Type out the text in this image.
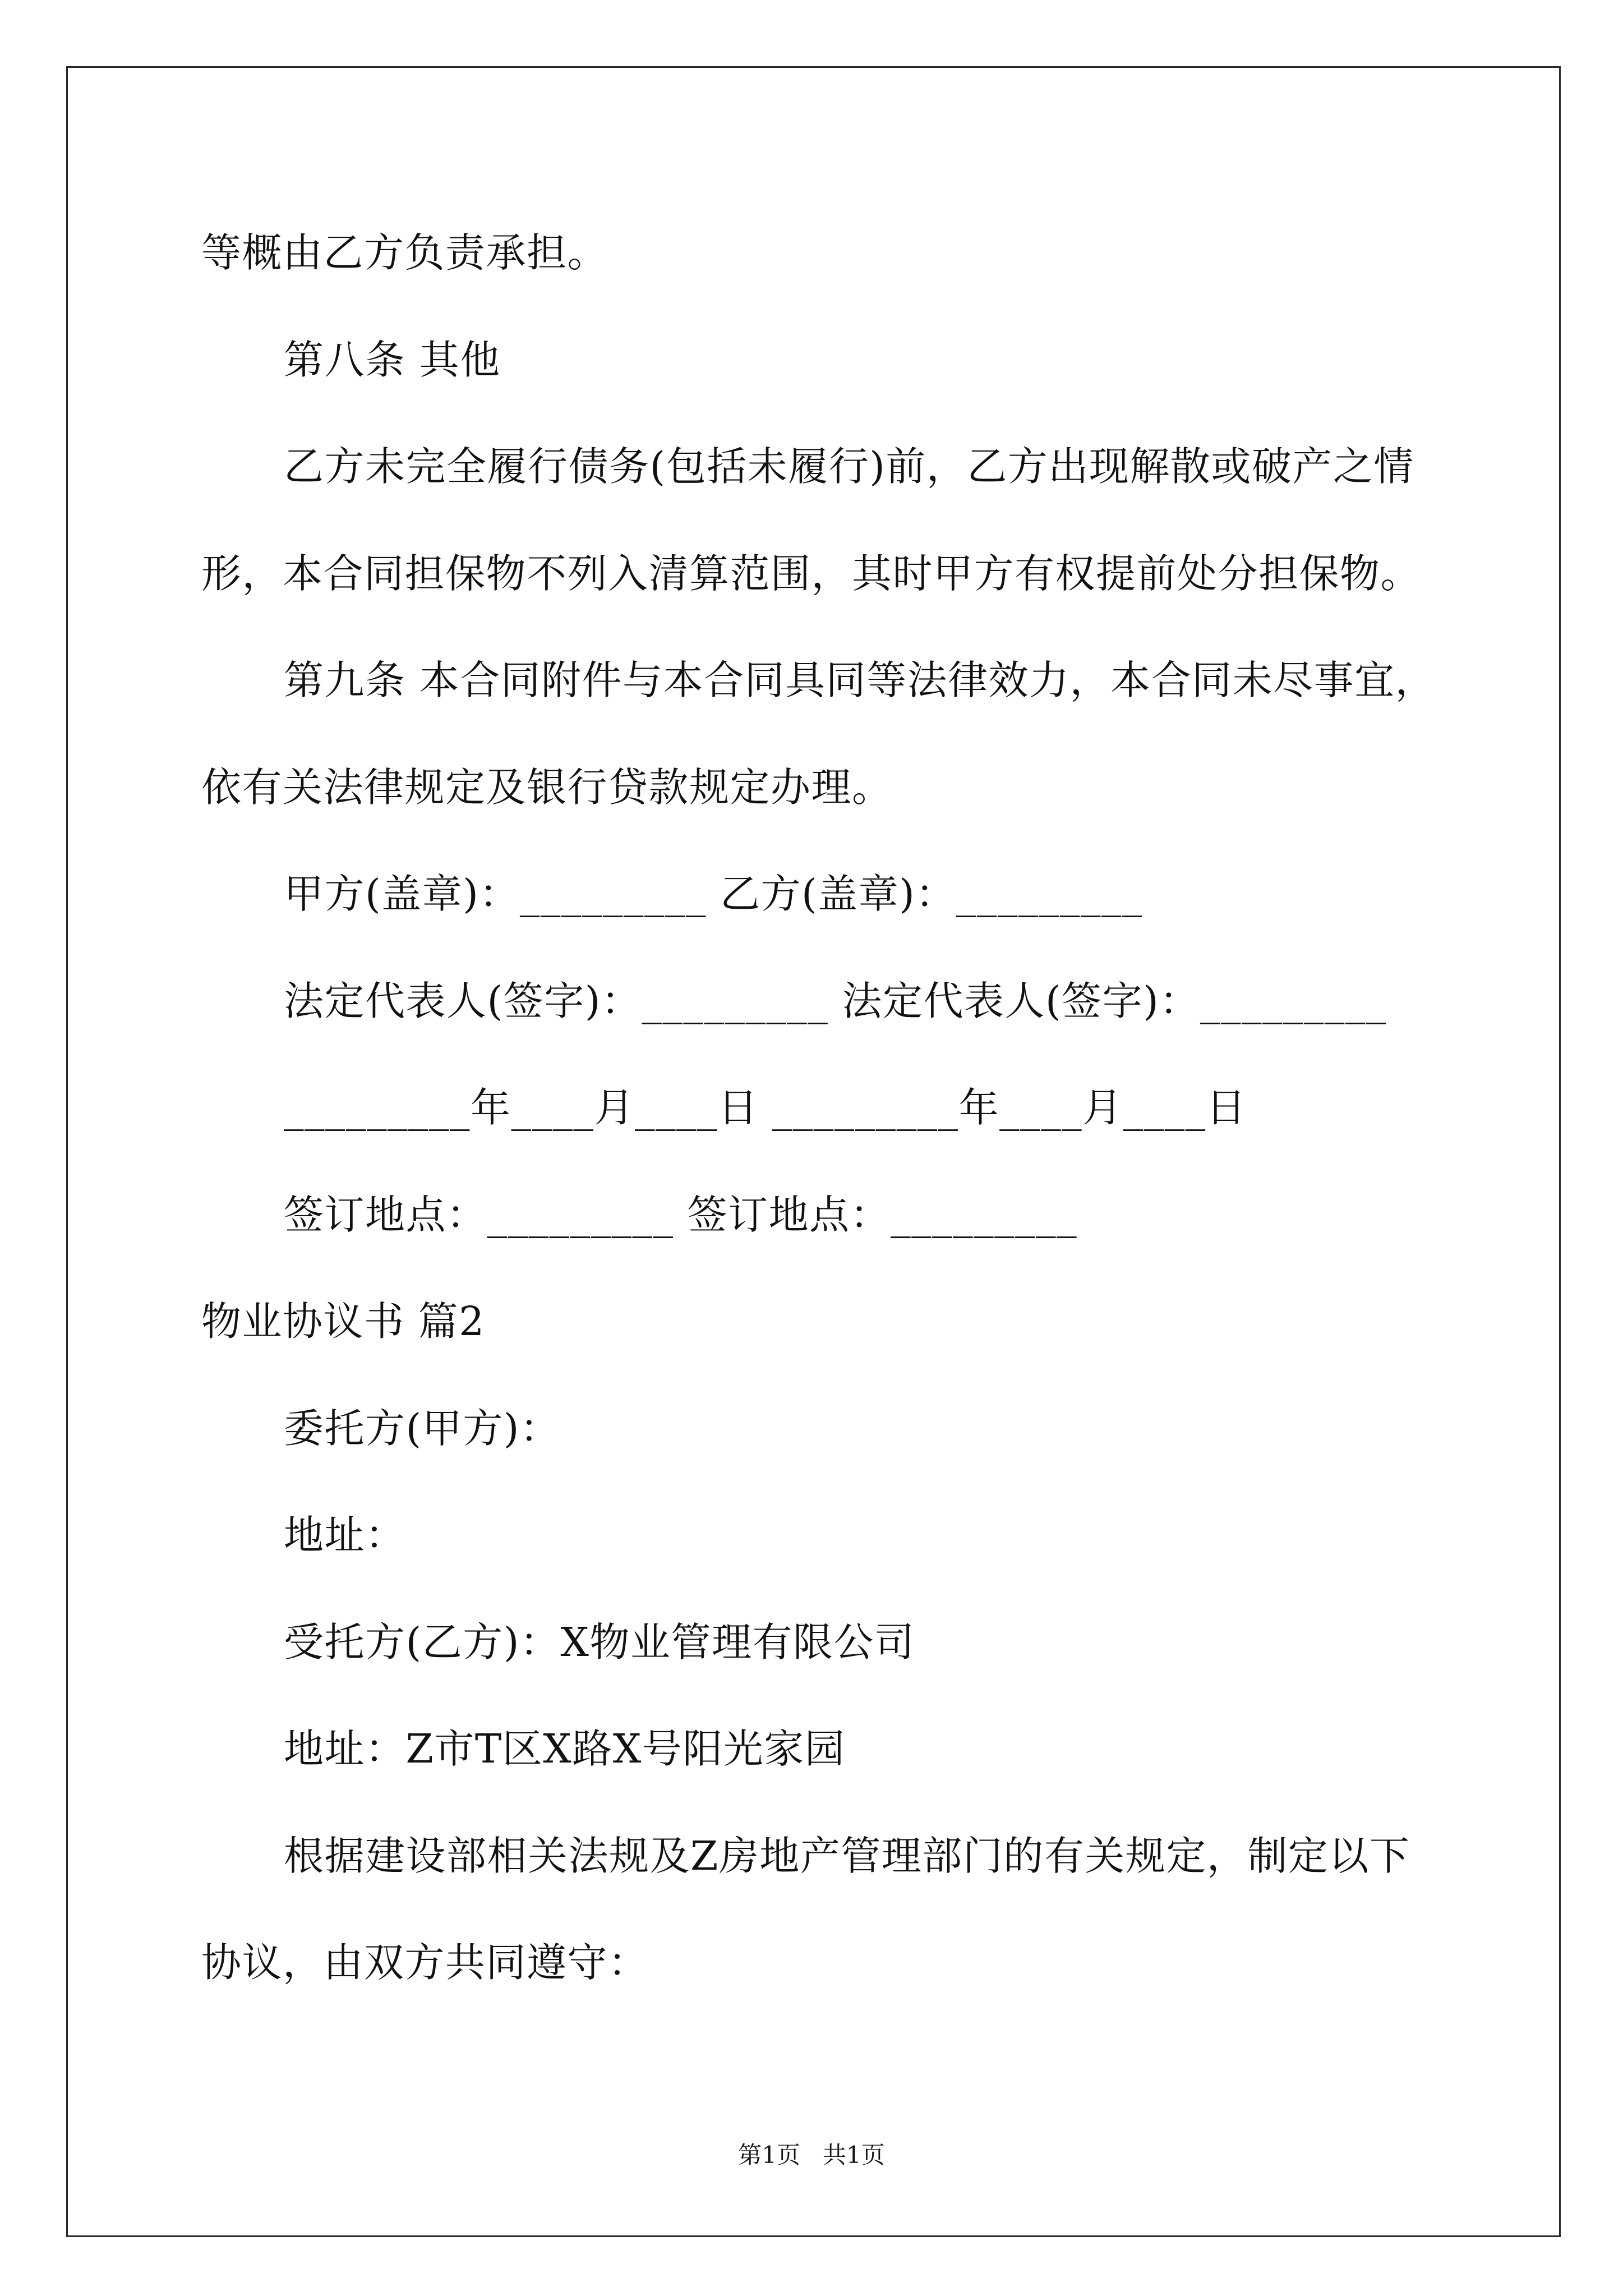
等概由乙方负责承担。

第八条 其他

乙方未完全履行债务(包括未履行)前，乙方出现解散或破产之情

形，本合同担保物不列入清算范围，其时甲方有权提前处分担保物。

第九条 本合同附件与本合同具同等法律效力，本合同未尽事宜，

依有关法律规定及银行贷款规定办理。

甲方(盖章)：_________ 乙方(盖章)：_________

法定代表人(签字)：_________ 法定代表人(签字)：_________

_________年____月____日 _________年____月____日

签订地点：_________ 签订地点：_________

物业协议书 篇2

委托方(甲方)：

地址：

受托方(乙方)：X物业管理有限公司

地址：Z市T区X路X号阳光家园

根据建设部相关法规及Z房地产管理部门的有关规定，制定以下

协议，由双方共同遵守：

第1页   共1页
